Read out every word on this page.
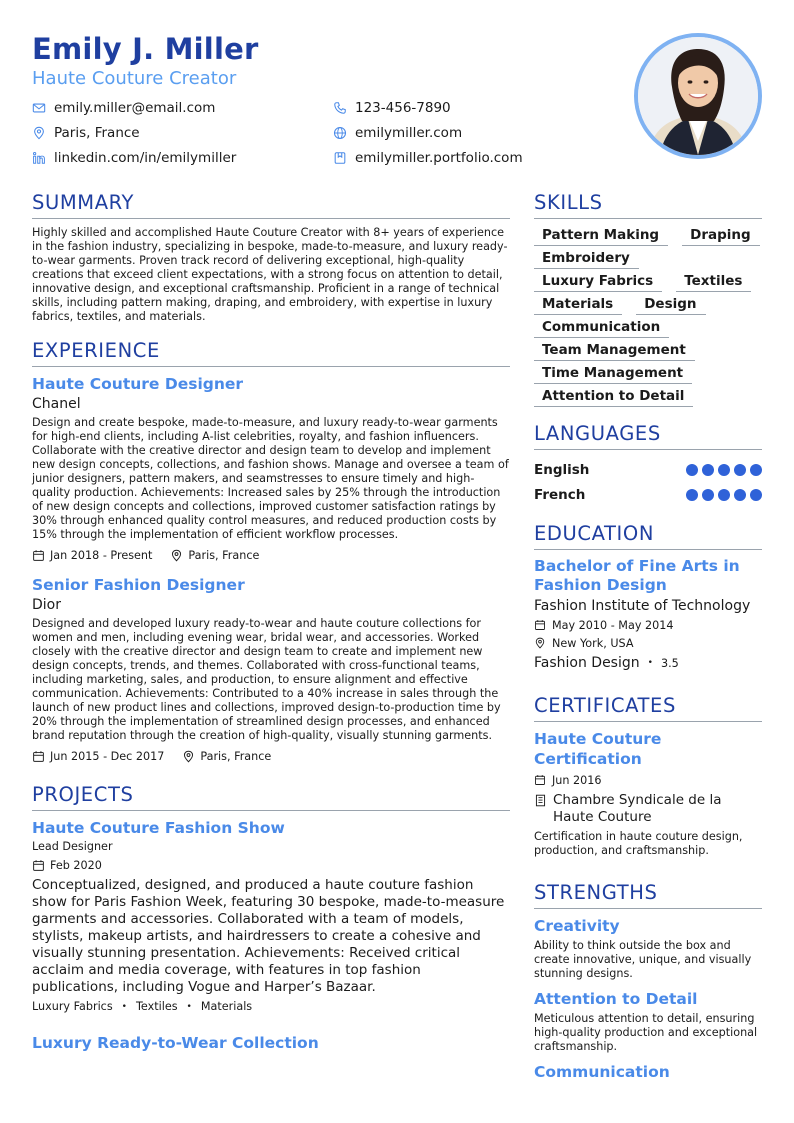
Emily J. Miller
Haute Couture Creator
emily.miller@email.com	123-456-7890
Paris, France	emilymiller.com
linkedin.com/in/emilymiller	emilymiller.portfolio.com
SUMMARY
Highly skilled and accomplished Haute Couture Creator with 8+ years of experience in the fashion industry, specializing in bespoke, made-to-measure, and luxury ready-to-wear garments. Proven track record of delivering exceptional, high-quality creations that exceed client expectations, with a strong focus on attention to detail, innovative design, and exceptional craftsmanship. Proficient in a range of technical skills, including pattern making, draping, and embroidery, with expertise in luxury fabrics, textiles, and materials.
EXPERIENCE
Haute Couture Designer
Chanel
Design and create bespoke, made-to-measure, and luxury ready-to-wear garments for high-end clients, including A-list celebrities, royalty, and fashion influencers. Collaborate with the creative director and design team to develop and implement new design concepts, collections, and fashion shows. Manage and oversee a team of junior designers, pattern makers, and seamstresses to ensure timely and high-quality production. Achievements: Increased sales by 25% through the introduction of new design concepts and collections, improved customer satisfaction ratings by 30% through enhanced quality control measures, and reduced production costs by 15% through the implementation of efficient workflow processes.
Jan 2018 - Present	Paris, France
Senior Fashion Designer
Dior
Designed and developed luxury ready-to-wear and haute couture collections for women and men, including evening wear, bridal wear, and accessories. Worked closely with the creative director and design team to create and implement new design concepts, trends, and themes. Collaborated with cross-functional teams, including marketing, sales, and production, to ensure alignment and effective communication. Achievements: Contributed to a 40% increase in sales through the launch of new product lines and collections, improved design-to-production time by 20% through the implementation of streamlined design processes, and enhanced brand reputation through the creation of high-quality, visually stunning garments.
Jun 2015 - Dec 2017	Paris, France
PROJECTS
Haute Couture Fashion Show
Lead Designer
Feb 2020
Conceptualized, designed, and produced a haute couture fashion show for Paris Fashion Week, featuring 30 bespoke, made-to-measure garments and accessories. Collaborated with a team of models, stylists, makeup artists, and hairdressers to create a cohesive and visually stunning presentation. Achievements: Received critical acclaim and media coverage, with features in top fashion publications, including Vogue and Harper’s Bazaar.
Luxury Fabrics • Textiles • Materials
Luxury Ready-to-Wear Collection
SKILLS
Pattern Making	Draping
Embroidery
Luxury Fabrics	Textiles
Materials	Design
Communication
Team Management
Time Management
Attention to Detail
LANGUAGES
English
French
EDUCATION
Bachelor of Fine Arts in Fashion Design
Fashion Institute of Technology
May 2010 - May 2014
New York, USA
Fashion Design • 3.5
CERTIFICATES
Haute Couture Certification
Jun 2016
Chambre Syndicale de la Haute Couture
Certification in haute couture design, production, and craftsmanship.
STRENGTHS
Creativity
Ability to think outside the box and create innovative, unique, and visually stunning designs.
Attention to Detail
Meticulous attention to detail, ensuring high-quality production and exceptional craftsmanship.
Communication
